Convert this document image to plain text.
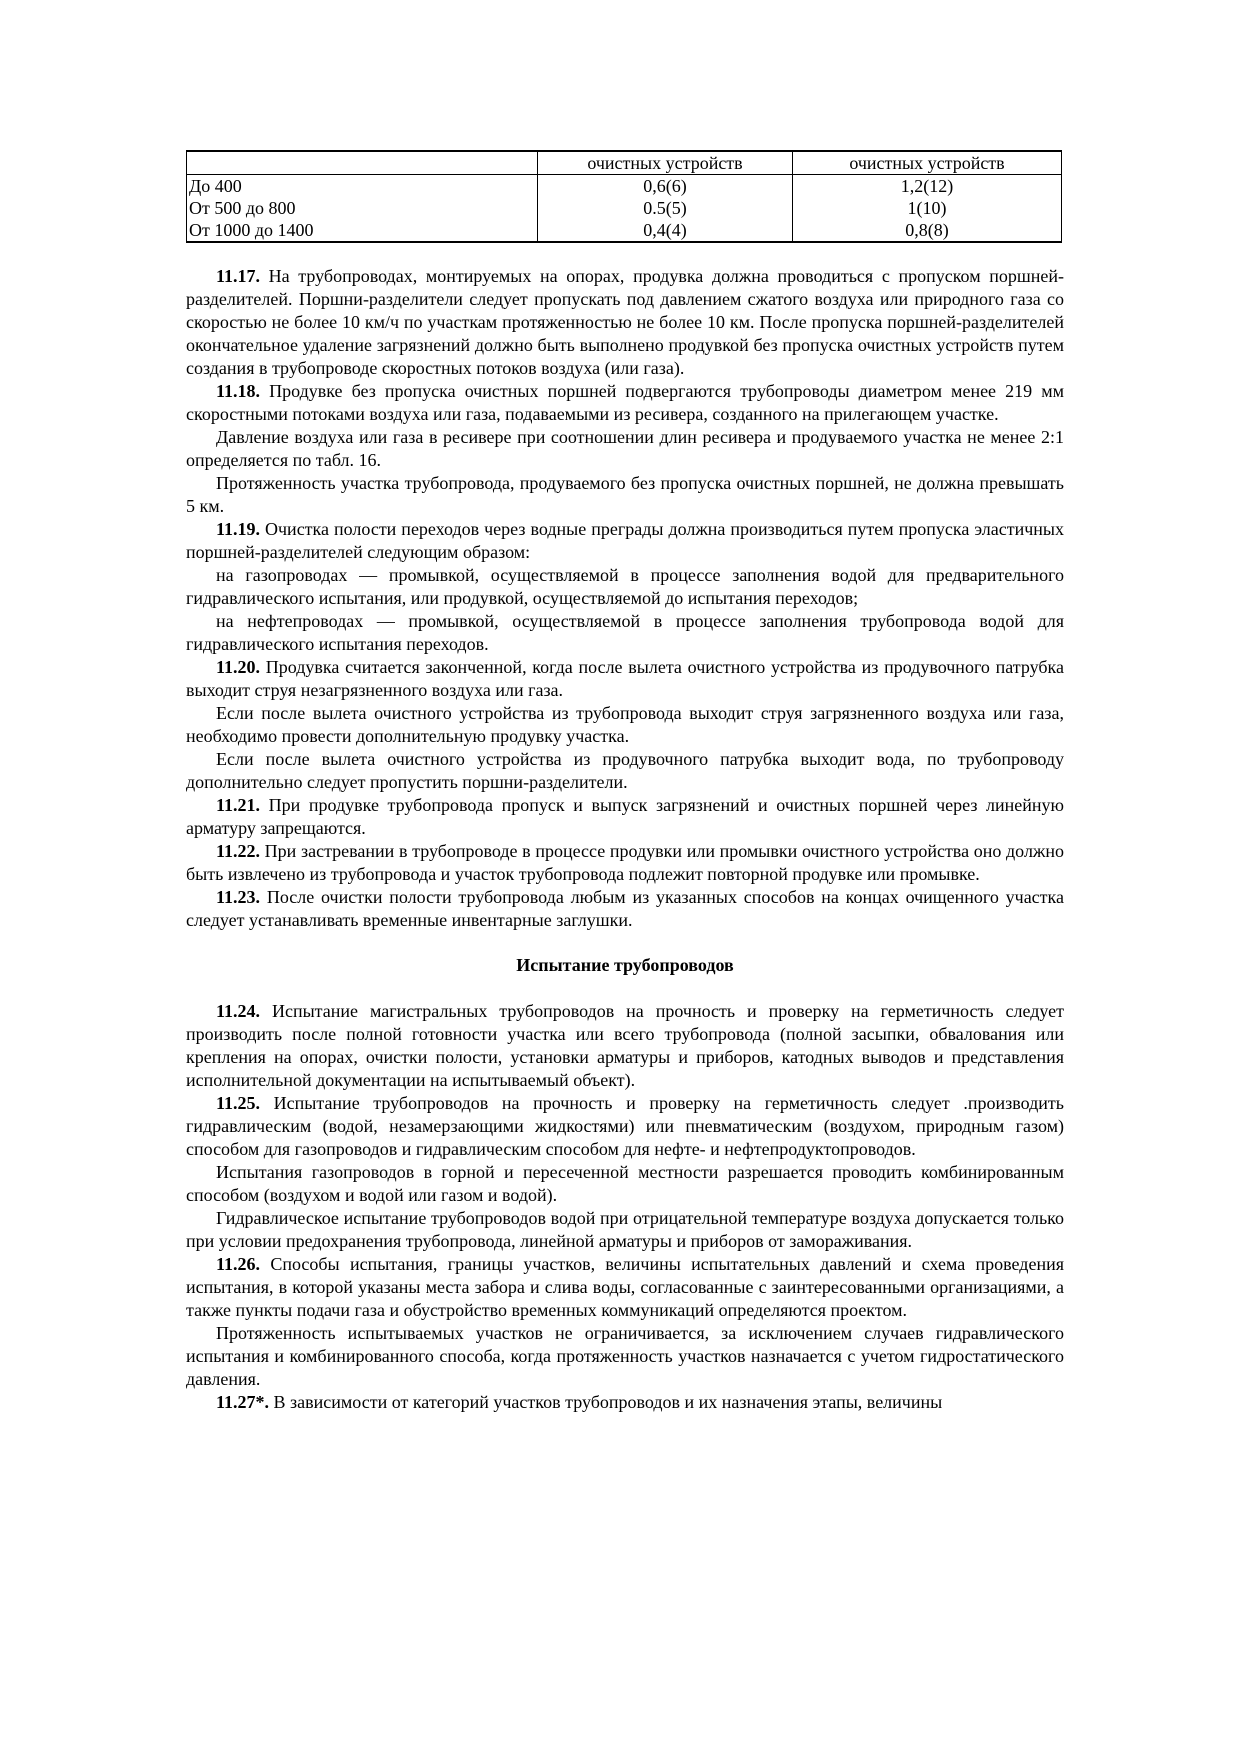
	очистных устройств	очистных устройств
До 400	0,6(6)	1,2(12)
От 500 до 800	0.5(5)	1(10)
От 1000 до 1400	0,4(4)	0,8(8)

11.17. На трубопроводах, монтируемых на опорах, продувка должна проводиться с пропуском поршней-разделителей. Поршни-разделители следует пропускать под давлением сжатого воздуха или природного газа со скоростью не более 10 км/ч по участкам протяженностью не более 10 км. После пропуска поршней-разделителей окончательное удаление загрязнений должно быть выполнено продувкой без пропуска очистных устройств путем создания в трубопроводе скоростных потоков воздуха (или газа).

11.18. Продувке без пропуска очистных поршней подвергаются трубопроводы диаметром менее 219 мм скоростными потоками воздуха или газа, подаваемыми из ресивера, созданного на прилегающем участке.

Давление воздуха или газа в ресивере при соотношении длин ресивера и продуваемого участка не менее 2:1 определяется по табл. 16.

Протяженность участка трубопровода, продуваемого без пропуска очистных поршней, не должна превышать 5 км.

11.19. Очистка полости переходов через водные преграды должна производиться путем пропуска эластичных поршней-разделителей следующим образом:

на газопроводах — промывкой, осуществляемой в процессе заполнения водой для предварительного гидравлического испытания, или продувкой, осуществляемой до испытания переходов;

на нефтепроводах — промывкой, осуществляемой в процессе заполнения трубопровода водой для гидравлического испытания переходов.

11.20. Продувка считается законченной, когда после вылета очистного устройства из продувочного патрубка выходит струя незагрязненного воздуха или газа.

Если после вылета очистного устройства из трубопровода выходит струя загрязненного воздуха или газа, необходимо провести дополнительную продувку участка.

Если после вылета очистного устройства из продувочного патрубка выходит вода, по трубопроводу дополнительно следует пропустить поршни-разделители.

11.21. При продувке трубопровода пропуск и выпуск загрязнений и очистных поршней через линейную арматуру запрещаются.

11.22. При застревании в трубопроводе в процессе продувки или промывки очистного устройства оно должно быть извлечено из трубопровода и участок трубопровода подлежит повторной продувке или промывке.

11.23. После очистки полости трубопровода любым из указанных способов на концах очищенного участка следует устанавливать временные инвентарные заглушки.

Испытание трубопроводов

11.24. Испытание магистральных трубопроводов на прочность и проверку на герметичность следует производить после полной готовности участка или всего трубопровода (полной засыпки, обвалования или крепления на опорах, очистки полости, установки арматуры и приборов, катодных выводов и представления исполнительной документации на испытываемый объект).

11.25. Испытание трубопроводов на прочность и проверку на герметичность следует .производить гидравлическим (водой, незамерзающими жидкостями) или пневматическим (воздухом, природным газом) способом для газопроводов и гидравлическим способом для нефте- и нефтепродуктопроводов.

Испытания газопроводов в горной и пересеченной местности разрешается проводить комбинированным способом (воздухом и водой или газом и водой).

Гидравлическое испытание трубопроводов водой при отрицательной температуре воздуха допускается только при условии предохранения трубопровода, линейной арматуры и приборов от замораживания.

11.26. Способы испытания, границы участков, величины испытательных давлений и схема проведения испытания, в которой указаны места забора и слива воды, согласованные с заинтересованными организациями, а также пункты подачи газа и обустройство временных коммуникаций определяются проектом.

Протяженность испытываемых участков не ограничивается, за исключением случаев гидравлического испытания и комбинированного способа, когда протяженность участков назначается с учетом гидростатического давления.

11.27*. В зависимости от категорий участков трубопроводов и их назначения этапы, величины
